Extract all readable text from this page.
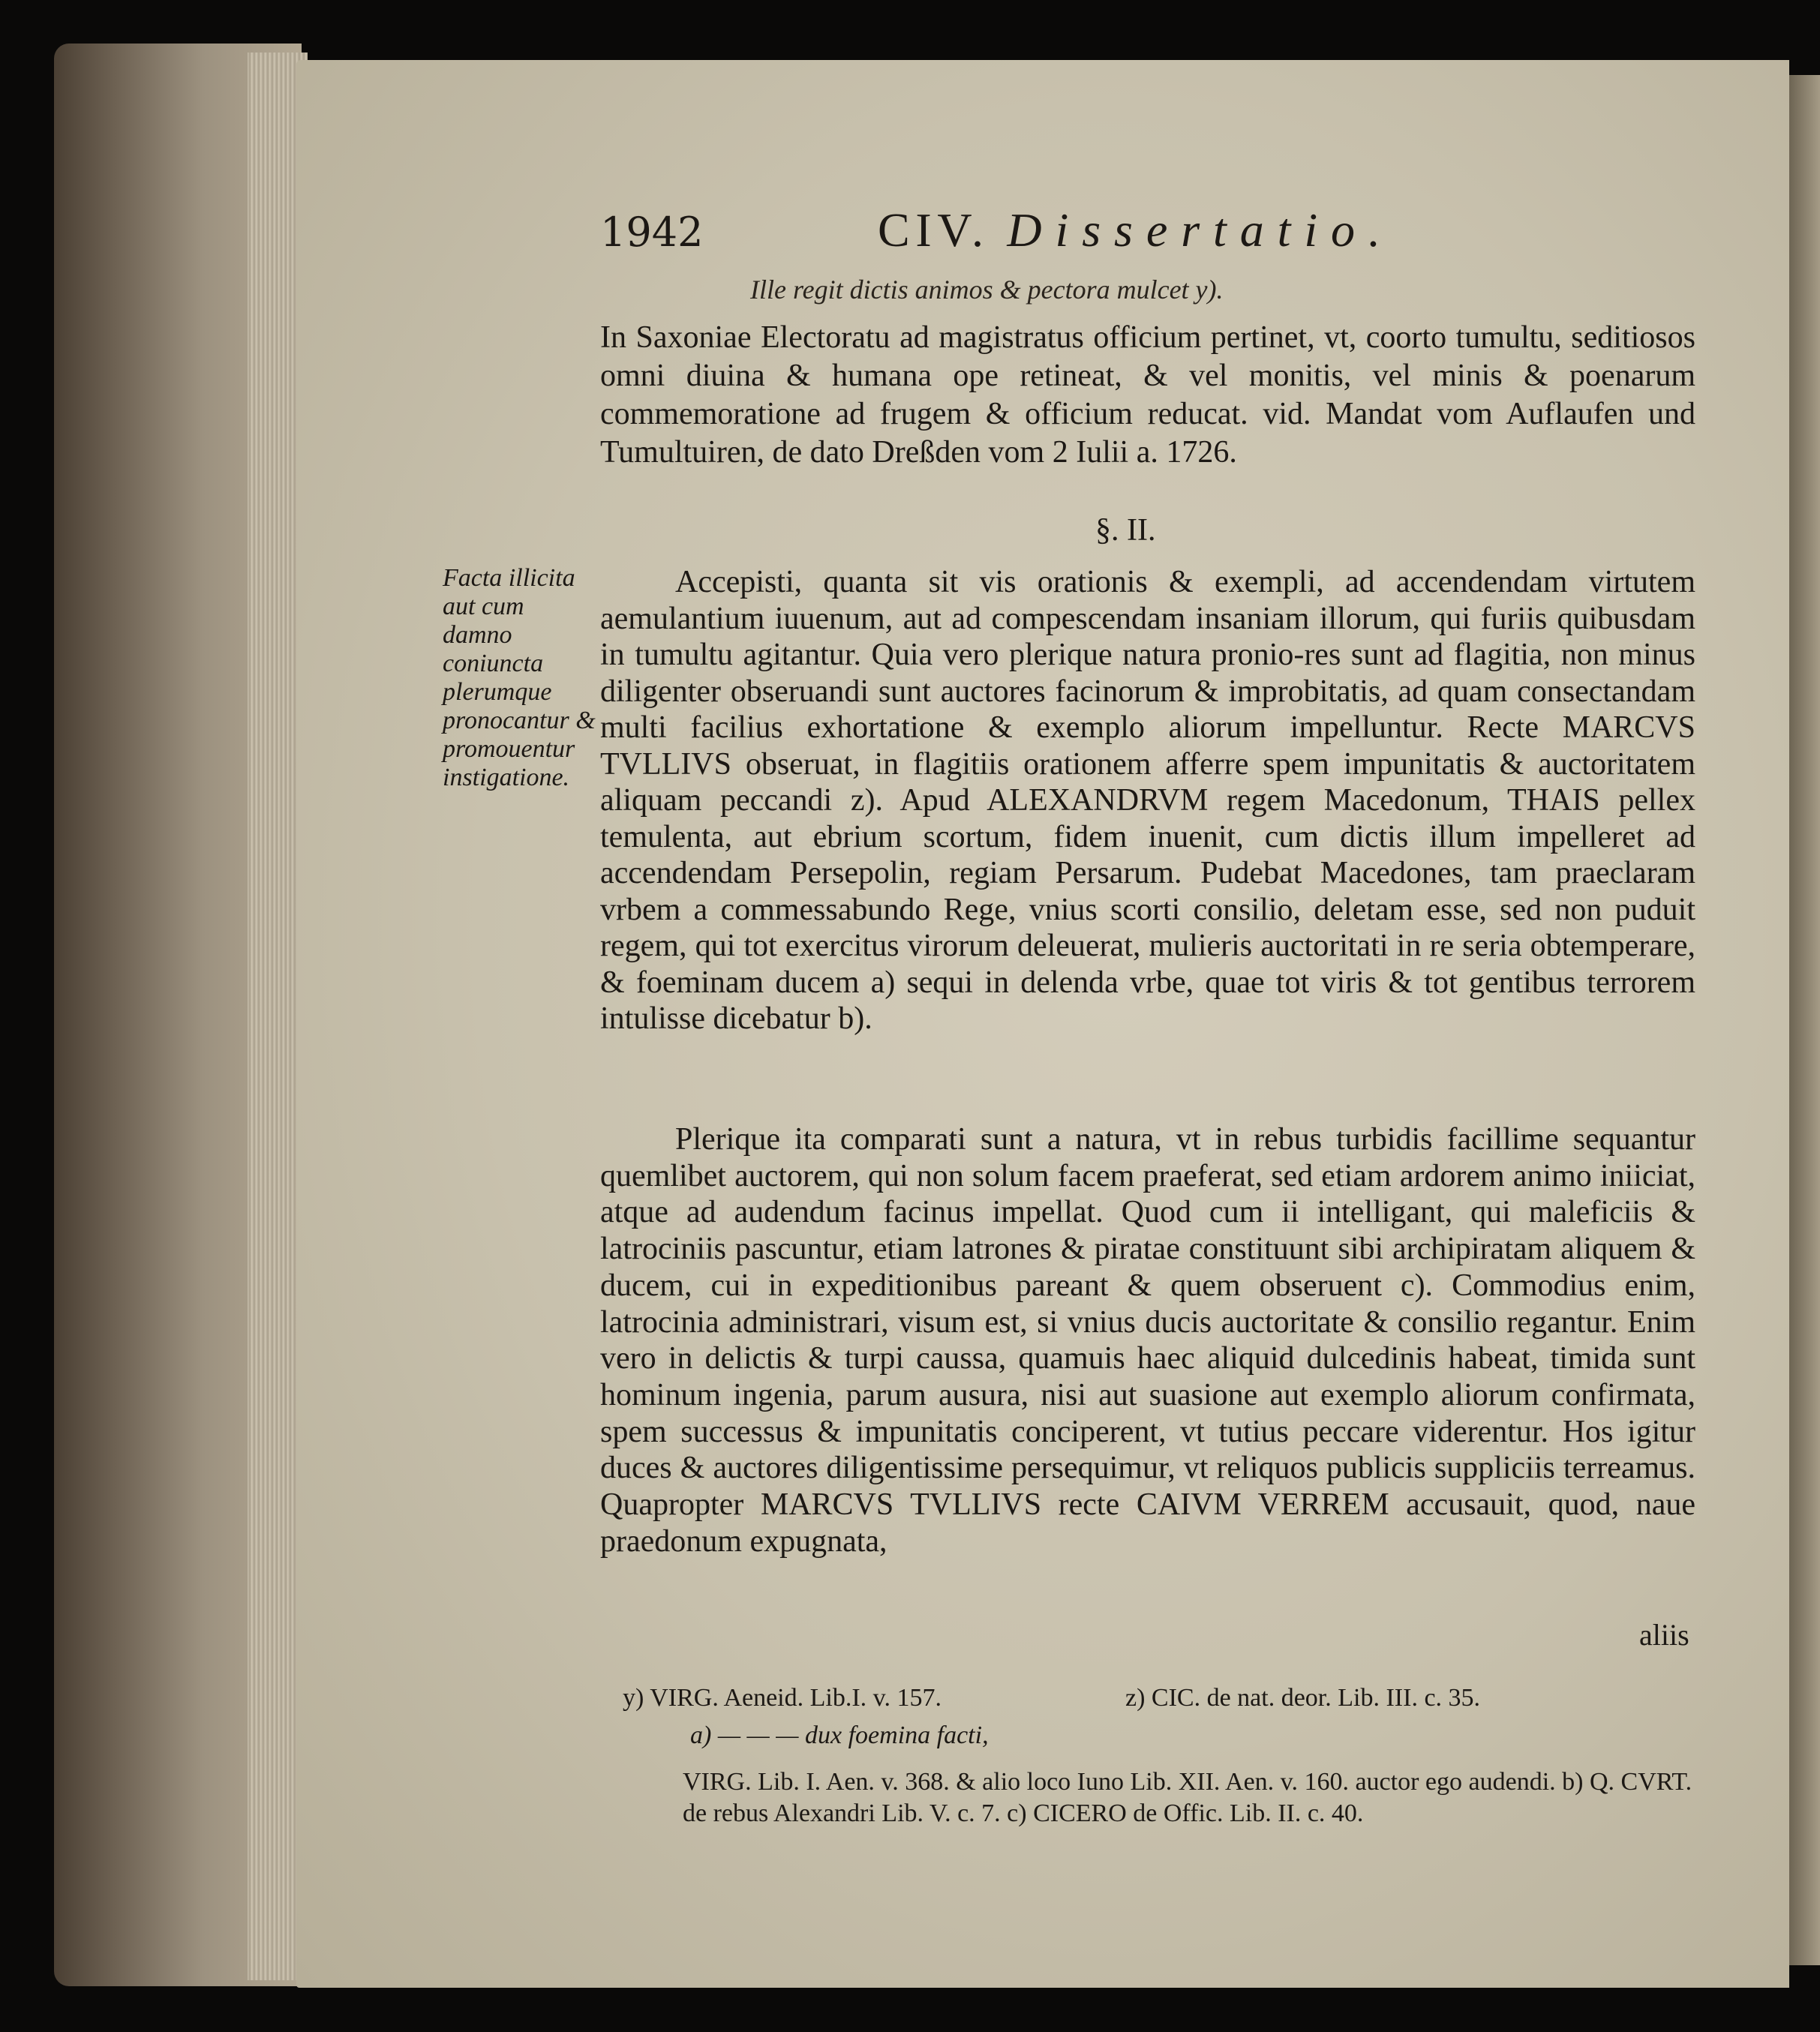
1942	CIV. Dissertatio.
Ille regit dictis animos & pectora mulcet y).
In Saxoniae Electoratu ad magistratus officium pertinet, vt, coorto tumultu, seditiosos omni diuina & humana ope retineat, & vel monitis, vel minis & poenarum commemoratione ad frugem & officium reducat. vid. Mandat vom Auflaufen und Tumultuiren, de dato Dreßden vom 2 Iulii a. 1726.
§. II.
Facta illicita aut cum damno coniuncta plerumque pronocantur & promouentur instigatione.
Accepisti, quanta sit vis orationis & exempli, ad accendendam virtutem aemulantium iuuenum, aut ad compescendam insaniam illorum, qui furiis quibusdam in tumultu agitantur. Quia vero plerique natura pronio-res sunt ad flagitia, non minus diligenter obseruandi sunt auctores facinorum & improbitatis, ad quam consectandam multi facilius exhortatione & exemplo aliorum impelluntur. Recte MARCVS TVLLIVS obseruat, in flagitiis orationem afferre spem impunitatis & auctoritatem aliquam peccandi z). Apud ALEXANDRVM regem Macedonum, THAIS pellex temulenta, aut ebrium scortum, fidem inuenit, cum dictis illum impelleret ad accendendam Persepolin, regiam Persarum. Pudebat Macedones, tam praeclaram vrbem a commessabundo Rege, vnius scorti consilio, deletam esse, sed non puduit regem, qui tot exercitus virorum deleuerat, mulieris auctoritati in re seria obtemperare, & foeminam ducem a) sequi in delenda vrbe, quae tot viris & tot gentibus terrorem intulisse dicebatur b).
Plerique ita comparati sunt a natura, vt in rebus turbidis facillime sequantur quemlibet auctorem, qui non solum facem praeferat, sed etiam ardorem animo iniiciat, atque ad audendum facinus impellat. Quod cum ii intelligant, qui maleficiis & latrociniis pascuntur, etiam latrones & piratae constituunt sibi archipiratam aliquem & ducem, cui in expeditionibus pareant & quem obseruent c). Commodius enim, latrocinia administrari, visum est, si vnius ducis auctoritate & consilio regantur. Enim vero in delictis & turpi caussa, quamuis haec aliquid dulcedinis habeat, timida sunt hominum ingenia, parum ausura, nisi aut suasione aut exemplo aliorum confirmata, spem successus & impunitatis conciperent, vt tutius peccare viderentur. Hos igitur duces & auctores diligentissime persequimur, vt reliquos publicis suppliciis terreamus. Quapropter MARCVS TVLLIVS recte CAIVM VERREM accusauit, quod, naue praedonum expugnata,
aliis
y) VIRG. Aeneid. Lib.I. v. 157.	z) CIC. de nat. deor. Lib. III. c. 35.
a) — — — dux foemina facti,
VIRG. Lib. I. Aen. v. 368. & alio loco Iuno Lib. XII. Aen. v. 160. auctor ego audendi. b) Q. CVRT. de rebus Alexandri Lib. V. c. 7. c) CICERO de Offic. Lib. II. c. 40.
